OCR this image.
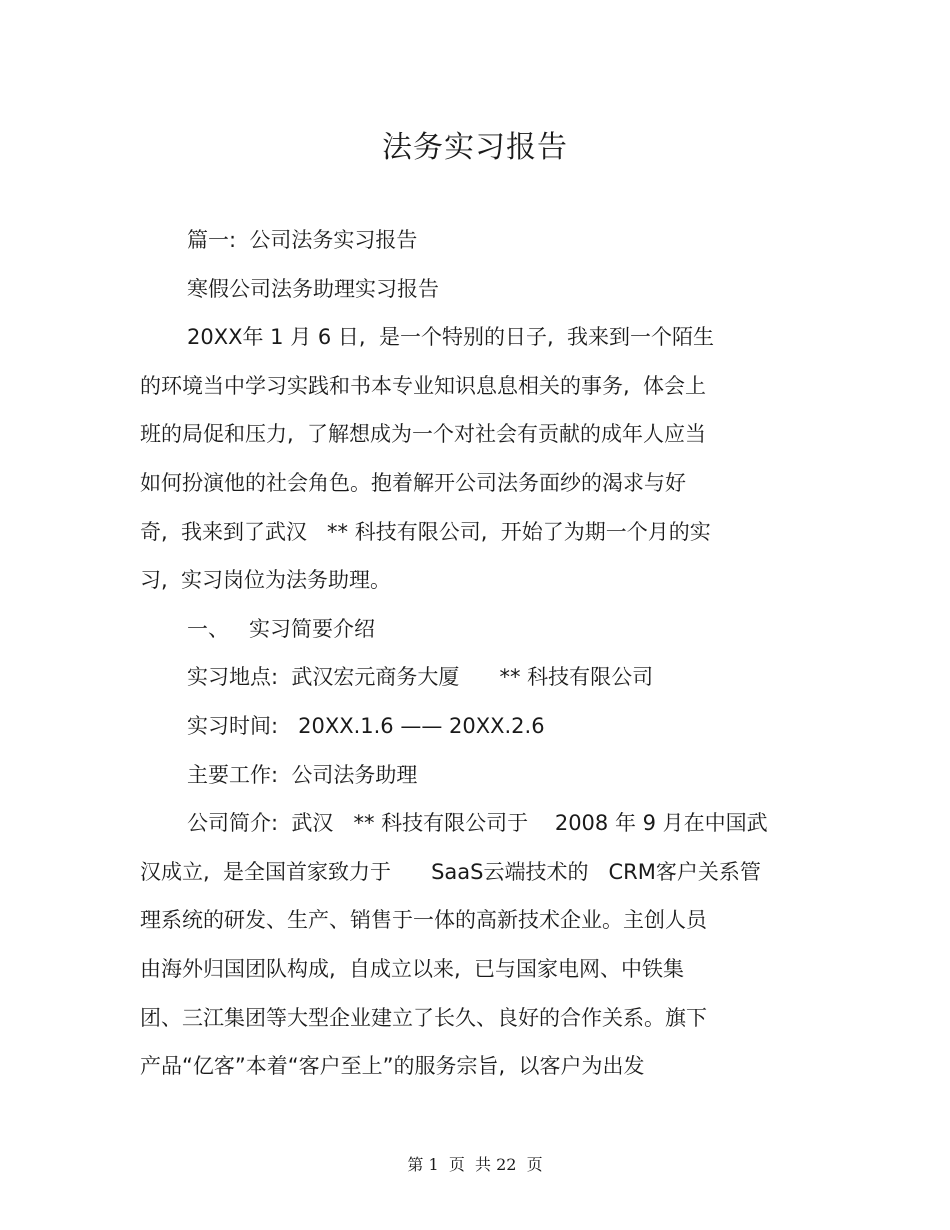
法务实习报告
篇一:  公司法务实习报告
寒假公司法务助理实习报告
20XX年 1 月 6 日,  是一个特别的日子,  我来到一个陌生
的环境当中学习实践和书本专业知识息息相关的事务,  体会上
班的局促和压力,  了解想成为一个对社会有贡献的成年人应当
如何扮演他的社会角色。抱着解开公司法务面纱的渴求与好
奇,  我来到了武汉   ** 科技有限公司,  开始了为期一个月的实
习,  实习岗位为法务助理。
一、   实习简要介绍
实习地点:  武汉宏元商务大厦      ** 科技有限公司
实习时间:   20XX.1.6 —— 20XX.2.6
主要工作:  公司法务助理
公司简介:  武汉   ** 科技有限公司于    2008 年 9 月在中国武
汉成立,  是全国首家致力于      SaaS云端技术的   CRM客户关系管
理系统的研发、生产、销售于一体的高新技术企业。主创人员
由海外归国团队构成,  自成立以来,  已与国家电网、中铁集
团、三江集团等大型企业建立了长久、良好的合作关系。旗下
产品“亿客”本着“客户至上”的服务宗旨,  以客户为出发
第 1  页  共 22  页
